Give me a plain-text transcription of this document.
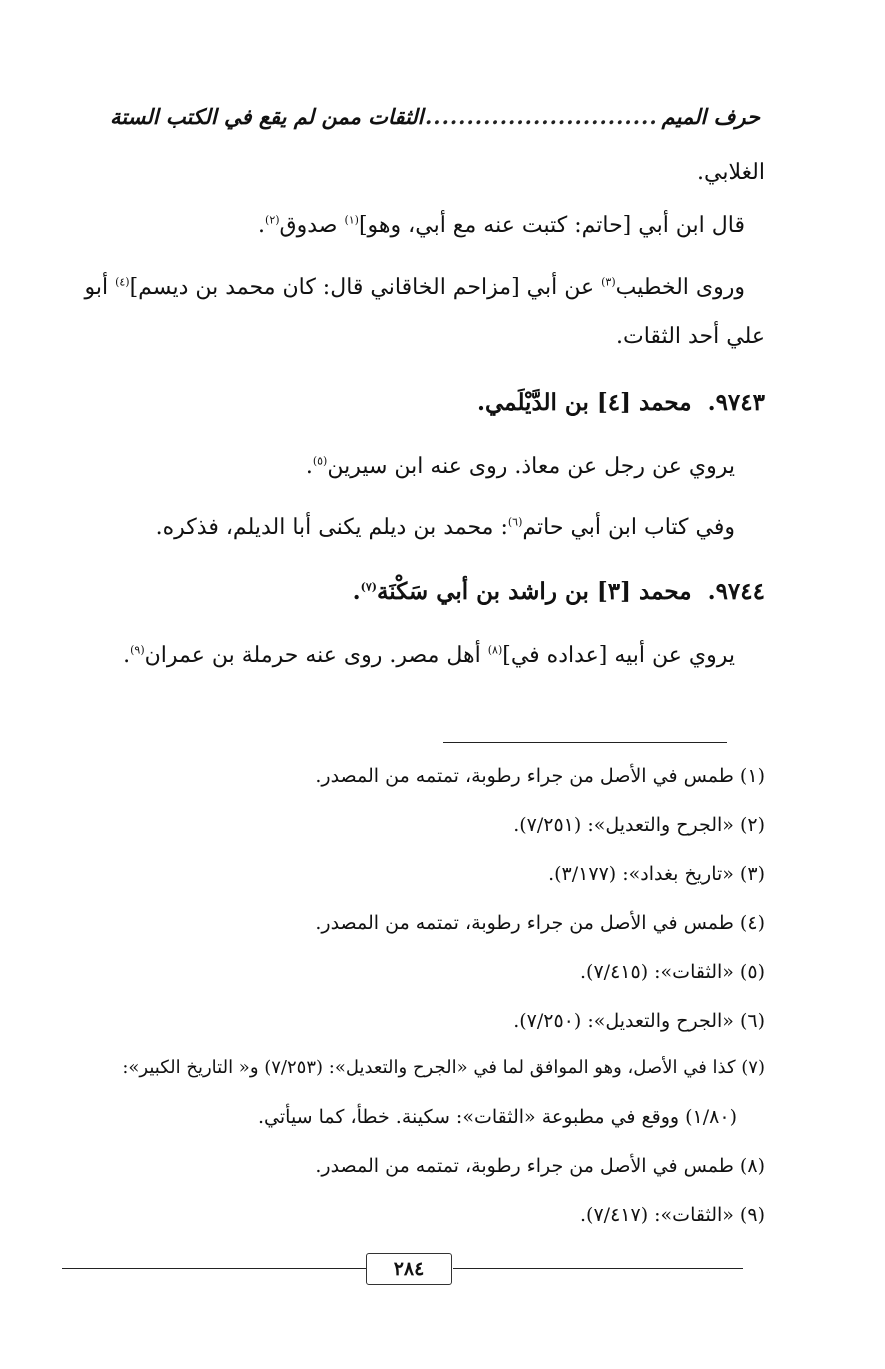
حرف الميم
.....
الثقات ممن لم يقع في الكتب الستة
الغلابي.
قال ابن أبي [حاتم: كتبت عنه مع أبي، وهو]$^{(١)}$ صدوق$^{(٢)}$.
وروى الخطيب$^{(٣)}$ عن أبي [مزاحم الخاقاني قال: كان محمد بن ديسم]$^{(٤)}$ أبو
علي أحد الثقات.
٩٧٤٣.  محمد [٤] بن الدَّيْلَمي.
يروي عن رجل عن معاذ. روى عنه ابن سيرين$^{(٥)}$.
وفي كتاب ابن أبي حاتم$^{(٦)}$: محمد بن ديلم يكنى أبا الديلم، فذكره.
٩٧٤٤.  محمد [٣] بن راشد بن أبي سَكْنَة$^{(٧)}$.
يروي عن أبيه [عداده في]$^{(٨)}$ أهل مصر. روى عنه حرملة بن عمران$^{(٩)}$.
(١) طمس في الأصل من جراء رطوبة، تمتمه من المصدر.
(٢) «الجرح والتعديل»: (٧/٢٥١).
(٣) «تاريخ بغداد»: (٣/١٧٧).
(٤) طمس في الأصل من جراء رطوبة، تمتمه من المصدر.
(٥) «الثقات»: (٧/٤١٥).
(٦) «الجرح والتعديل»: (٧/٢٥٠).
(٧) كذا في الأصل، وهو الموافق لما في «الجرح والتعديل»: (٧/٢٥٣) و« التاريخ الكبير»:
(١/٨٠) ووقع في مطبوعة «الثقات»: سكينة. خطأ، كما سيأتي.
(٨) طمس في الأصل من جراء رطوبة، تمتمه من المصدر.
(٩) «الثقات»: (٧/٤١٧).
٢٨٤
